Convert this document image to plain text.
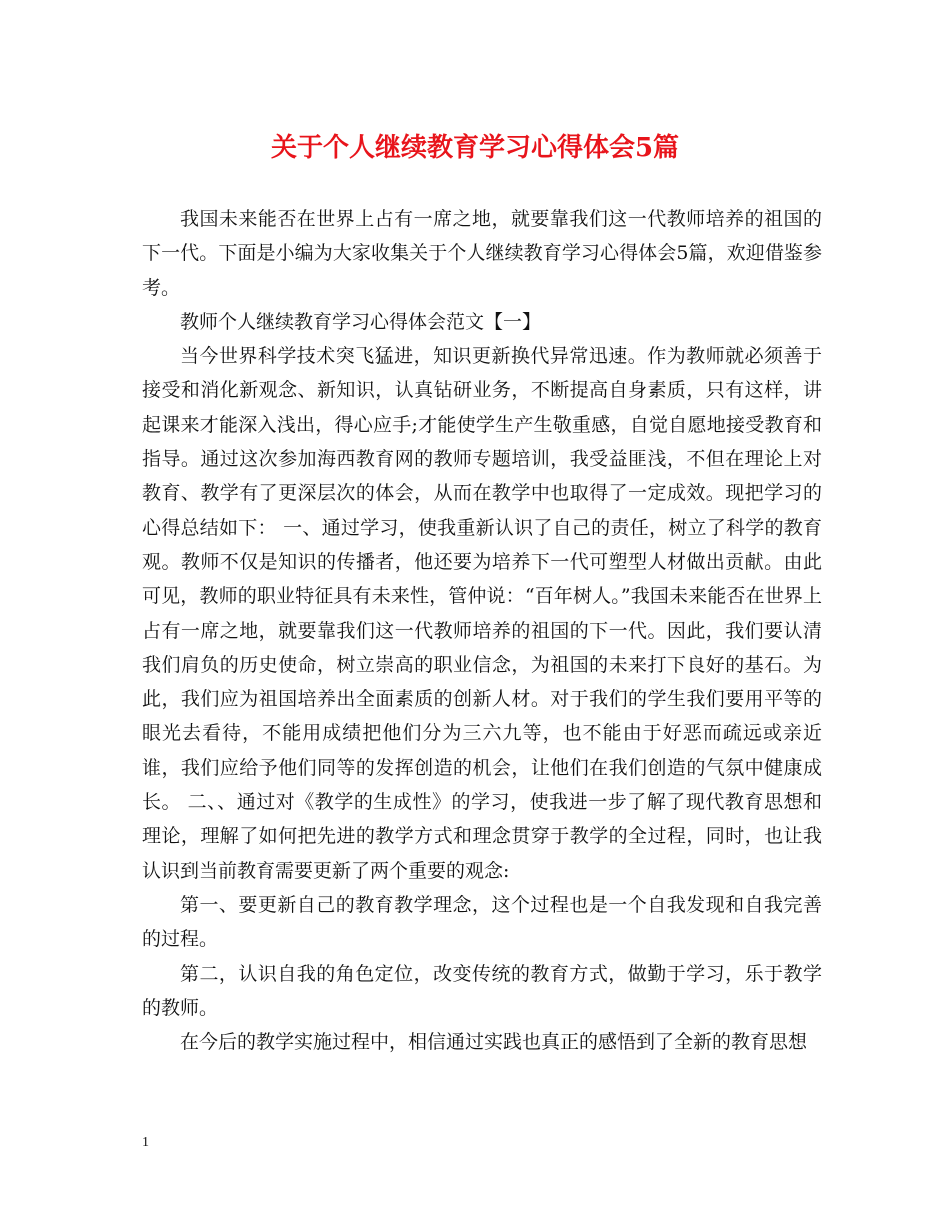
关于个人继续教育学习心得体会5篇

我国未来能否在世界上占有一席之地，就要靠我们这一代教师培养的祖国的下一代。下面是小编为大家收集关于个人继续教育学习心得体会5篇，欢迎借鉴参考。

教师个人继续教育学习心得体会范文【一】

当今世界科学技术突飞猛进，知识更新换代异常迅速。作为教师就必须善于接受和消化新观念、新知识，认真钻研业务，不断提高自身素质，只有这样，讲起课来才能深入浅出，得心应手;才能使学生产生敬重感，自觉自愿地接受教育和指导。通过这次参加海西教育网的教师专题培训，我受益匪浅，不但在理论上对教育、教学有了更深层次的体会，从而在教学中也取得了一定成效。现把学习的心得总结如下： 一、通过学习，使我重新认识了自己的责任，树立了科学的教育观。教师不仅是知识的传播者，他还要为培养下一代可塑型人材做出贡献。由此可见，教师的职业特征具有未来性，管仲说：“百年树人。”我国未来能否在世界上占有一席之地，就要靠我们这一代教师培养的祖国的下一代。因此，我们要认清我们肩负的历史使命，树立崇高的职业信念，为祖国的未来打下良好的基石。为此，我们应为祖国培养出全面素质的创新人材。对于我们的学生我们要用平等的眼光去看待，不能用成绩把他们分为三六九等，也不能由于好恶而疏远或亲近谁，我们应给予他们同等的发挥创造的机会，让他们在我们创造的气氛中健康成长。 二、、通过对《教学的生成性》的学习，使我进一步了解了现代教育思想和理论，理解了如何把先进的教学方式和理念贯穿于教学的全过程，同时，也让我认识到当前教育需要更新了两个重要的观念:

第一、要更新自己的教育教学理念，这个过程也是一个自我发现和自我完善的过程。

第二，认识自我的角色定位，改变传统的教育方式，做勤于学习，乐于教学的教师。

在今后的教学实施过程中，相信通过实践也真正的感悟到了全新的教育思想

1
